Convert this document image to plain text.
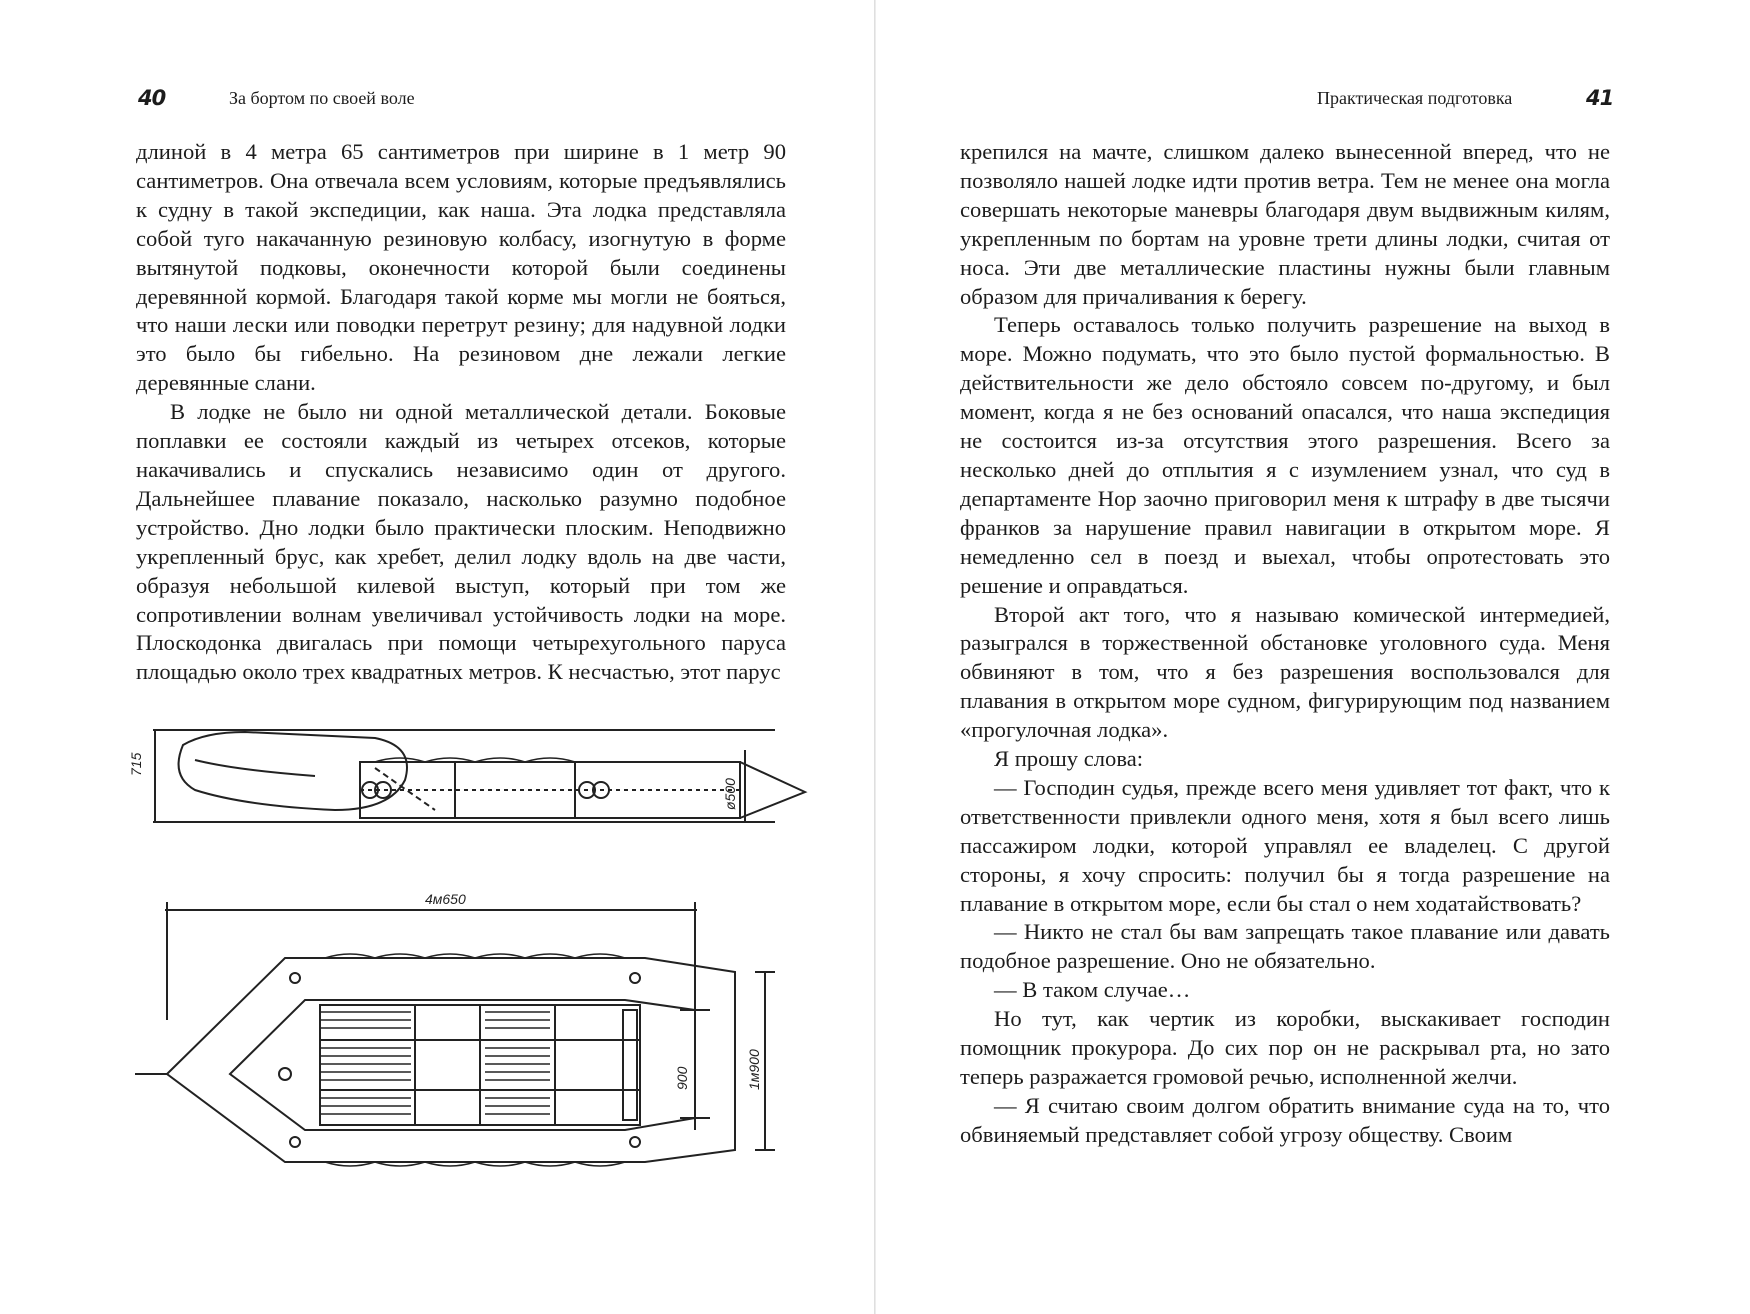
40	За бортом по своей воле

длиной в 4 метра 65 сантиметров при ширине в 1 метр 90 сантиметров. Она отвечала всем условиям, которые предъявлялись к судну в такой экспедиции, как наша. Эта лодка представляла собой туго накачанную резиновую колбасу, изогнутую в форме вытянутой подковы, оконечности которой были соединены деревянной кормой. Благодаря такой корме мы могли не бояться, что наши лески или поводки перетрут резину; для надувной лодки это было бы гибельно. На резиновом дне лежали легкие деревянные слани.

В лодке не было ни одной металлической детали. Боковые поплавки ее состояли каждый из четырех отсеков, которые накачивались и спускались независимо один от другого. Дальнейшее плавание показало, насколько разумно подобное устройство. Дно лодки было практически плоским. Неподвижно укрепленный брус, как хребет, делил лодку вдоль на две части, образуя небольшой килевой выступ, который при том же сопротивлении волнам увеличивал устойчивость лодки на море. Плоскодонка двигалась при помощи четырехугольного паруса площадью около трех квадратных метров. К несчастью, этот парус

715
ø500
4м650
900	1м900
Практическая подготовка	41

крепился на мачте, слишком далеко вынесенной вперед, что не позволяло нашей лодке идти против ветра. Тем не менее она могла совершать некоторые маневры благодаря двум выдвижным килям, укрепленным по бортам на уровне трети длины лодки, считая от носа. Эти две металлические пластины нужны были главным образом для причаливания к берегу.

Теперь оставалось только получить разрешение на выход в море. Можно подумать, что это было пустой формальностью. В действительности же дело обстояло совсем по-другому, и был момент, когда я не без оснований опасался, что наша экспедиция не состоится из-за отсутствия этого разрешения. Всего за несколько дней до отплытия я с изумлением узнал, что суд в департаменте Нор заочно приговорил меня к штрафу в две тысячи франков за нарушение правил навигации в открытом море. Я немедленно сел в поезд и выехал, чтобы опротестовать это решение и оправдаться.

Второй акт того, что я называю комической интермедией, разыгрался в торжественной обстановке уголовного суда. Меня обвиняют в том, что я без разрешения воспользовался для плавания в открытом море судном, фигурирующим под названием «прогулочная лодка».

Я прошу слова:

— Господин судья, прежде всего меня удивляет тот факт, что к ответственности привлекли одного меня, хотя я был всего лишь пассажиром лодки, которой управлял ее владелец. С другой стороны, я хочу спросить: получил бы я тогда разрешение на плавание в открытом море, если бы стал о нем ходатайствовать?

— Никто не стал бы вам запрещать такое плавание или давать подобное разрешение. Оно не обязательно.

— В таком случае…

Но тут, как чертик из коробки, выскакивает господин помощник прокурора. До сих пор он не раскрывал рта, но зато теперь разражается громовой речью, исполненной желчи.

— Я считаю своим долгом обратить внимание суда на то, что обвиняемый представляет собой угрозу обществу. Своим
